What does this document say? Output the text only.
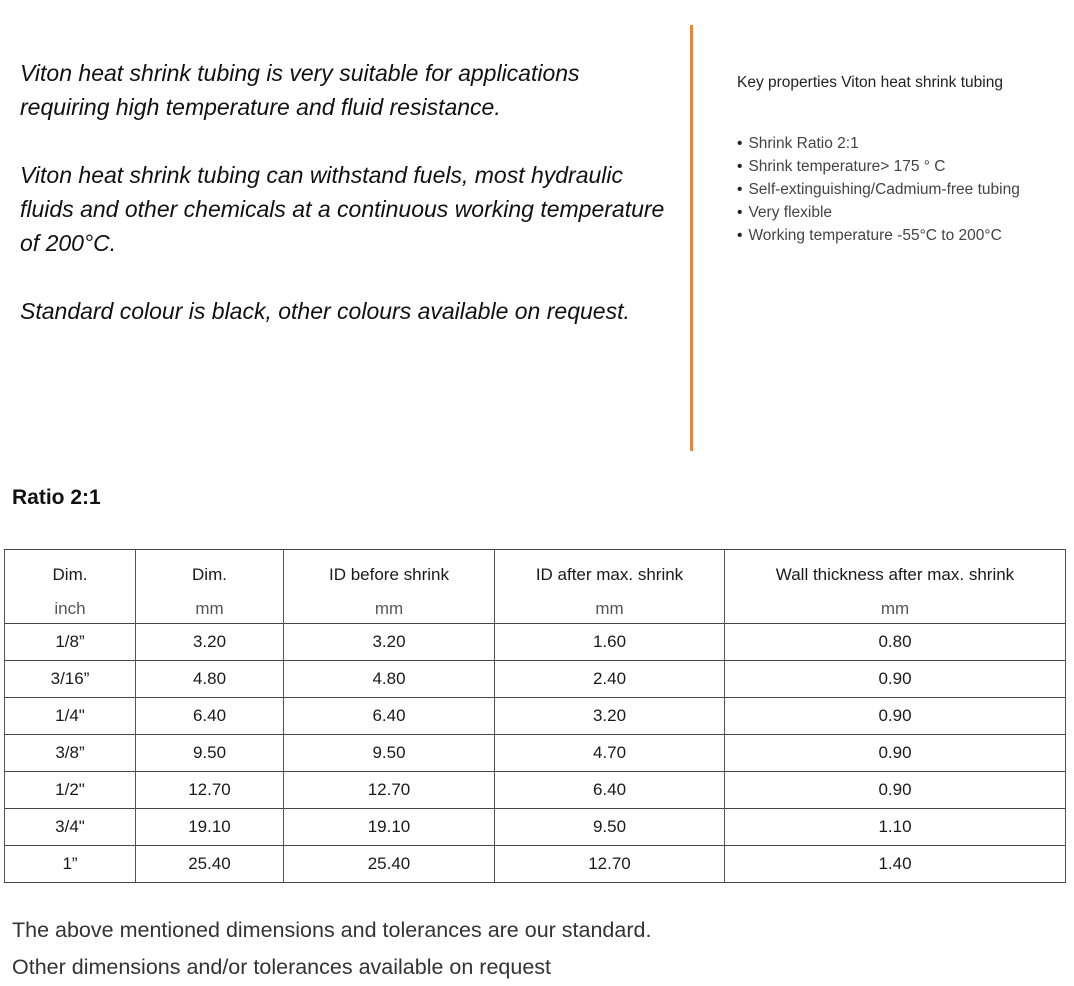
Viton heat shrink tubing is very suitable for applications requiring high temperature and fluid resistance.

Viton heat shrink tubing can withstand fuels, most hydraulic fluids and other chemicals at a continuous working temperature of 200°C.

Standard colour is black, other colours available on request.

Key properties Viton heat shrink tubing

• Shrink Ratio 2:1
• Shrink temperature> 175 ° C
• Self-extinguishing/Cadmium-free tubing
• Very flexible
• Working temperature -55°C to 200°C
Ratio 2:1
Dim.	Dim.	ID before shrink	ID after max. shrink	Wall thickness after max. shrink
inch	mm	mm	mm	mm
1/8”	3.20	3.20	1.60	0.80
3/16”	4.80	4.80	2.40	0.90
1/4"	6.40	6.40	3.20	0.90
3/8”	9.50	9.50	4.70	0.90
1/2"	12.70	12.70	6.40	0.90
3/4"	19.10	19.10	9.50	1.10
1”	25.40	25.40	12.70	1.40
The above mentioned dimensions and tolerances are our standard.
Other dimensions and/or tolerances available on request
